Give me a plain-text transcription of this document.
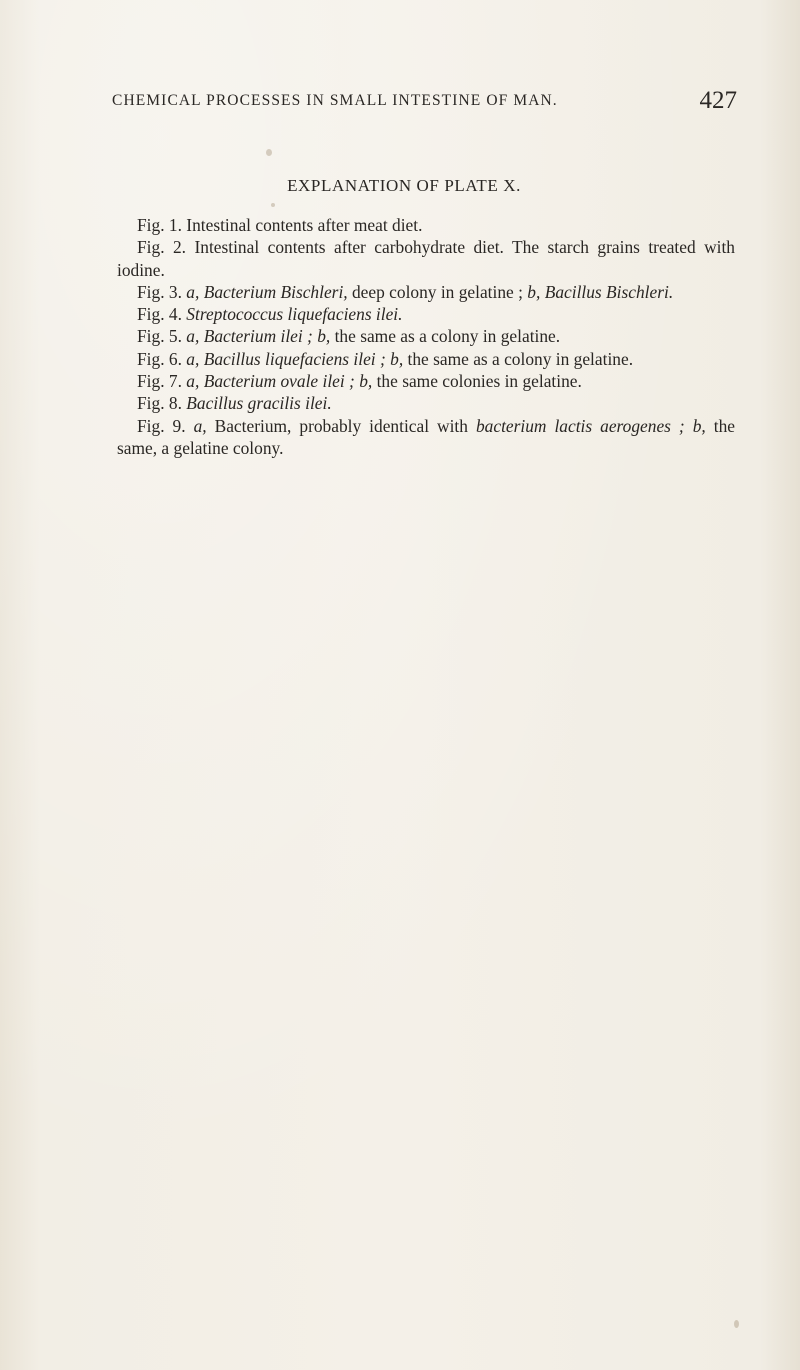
CHEMICAL PROCESSES IN SMALL INTESTINE OF MAN.	427
EXPLANATION OF PLATE X.

Fig. 1. Intestinal contents after meat diet.

Fig. 2. Intestinal contents after carbohydrate diet. The starch grains treated with iodine.

Fig. 3. a, Bacterium Bischleri, deep colony in gelatine ; b, Bacillus Bischleri.

Fig. 4. Streptococcus liquefaciens ilei.

Fig. 5. a, Bacterium ilei ; b, the same as a colony in gelatine.

Fig. 6. a, Bacillus liquefaciens ilei ; b, the same as a colony in gelatine.

Fig. 7. a, Bacterium ovale ilei ; b, the same colonies in gelatine.

Fig. 8. Bacillus gracilis ilei.

Fig. 9. a, Bacterium, probably identical with bacterium lactis aerogenes ; b, the same, a gelatine colony.
